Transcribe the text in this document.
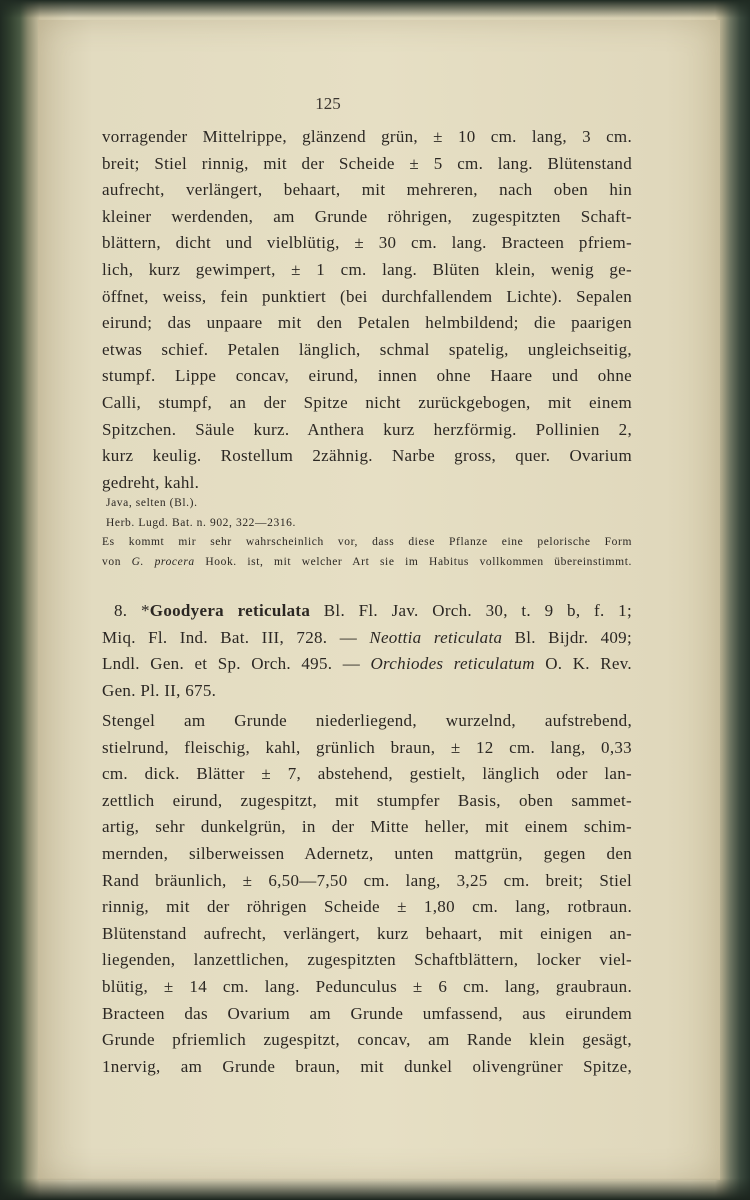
125
vorragender Mittelrippe, glänzend grün, ± 10 cm. lang, 3 cm.
breit; Stiel rinnig, mit der Scheide ± 5 cm. lang. Blütenstand
aufrecht, verlängert, behaart, mit mehreren, nach oben hin
kleiner werdenden, am Grunde röhrigen, zugespitzten Schaft-
blättern, dicht und vielblütig, ± 30 cm. lang. Bracteen pfriem-
lich, kurz gewimpert, ± 1 cm. lang. Blüten klein, wenig ge-
öffnet, weiss, fein punktiert (bei durchfallendem Lichte). Sepalen
eirund; das unpaare mit den Petalen helmbildend; die paarigen
etwas schief. Petalen länglich, schmal spatelig, ungleichseitig,
stumpf. Lippe concav, eirund, innen ohne Haare und ohne
Calli, stumpf, an der Spitze nicht zurückgebogen, mit einem
Spitzchen. Säule kurz. Anthera kurz herzförmig. Pollinien 2,
kurz keulig. Rostellum 2zähnig. Narbe gross, quer. Ovarium
gedreht, kahl.
Java, selten (Bl.).
Herb. Lugd. Bat. n. 902, 322—2316.
Es kommt mir sehr wahrscheinlich vor, dass diese Pflanze eine pelorische Form
von G. procera Hook. ist, mit welcher Art sie im Habitus vollkommen übereinstimmt.
8. *Goodyera reticulata Bl. Fl. Jav. Orch. 30, t. 9 b, f. 1;
Miq. Fl. Ind. Bat. III, 728. — Neottia reticulata Bl. Bijdr. 409;
Lndl. Gen. et Sp. Orch. 495. — Orchiodes reticulatum O. K. Rev.
Gen. Pl. II, 675.
Stengel am Grunde niederliegend, wurzelnd, aufstrebend,
stielrund, fleischig, kahl, grünlich braun, ± 12 cm. lang, 0,33
cm. dick. Blätter ± 7, abstehend, gestielt, länglich oder lan-
zettlich eirund, zugespitzt, mit stumpfer Basis, oben sammet-
artig, sehr dunkelgrün, in der Mitte heller, mit einem schim-
mernden, silberweissen Adernetz, unten mattgrün, gegen den
Rand bräunlich, ± 6,50—7,50 cm. lang, 3,25 cm. breit; Stiel
rinnig, mit der röhrigen Scheide ± 1,80 cm. lang, rotbraun.
Blütenstand aufrecht, verlängert, kurz behaart, mit einigen an-
liegenden, lanzettlichen, zugespitzten Schaftblättern, locker viel-
blütig, ± 14 cm. lang. Pedunculus ± 6 cm. lang, graubraun.
Bracteen das Ovarium am Grunde umfassend, aus eirundem
Grunde pfriemlich zugespitzt, concav, am Rande klein gesägt,
1nervig, am Grunde braun, mit dunkel olivengrüner Spitze,
